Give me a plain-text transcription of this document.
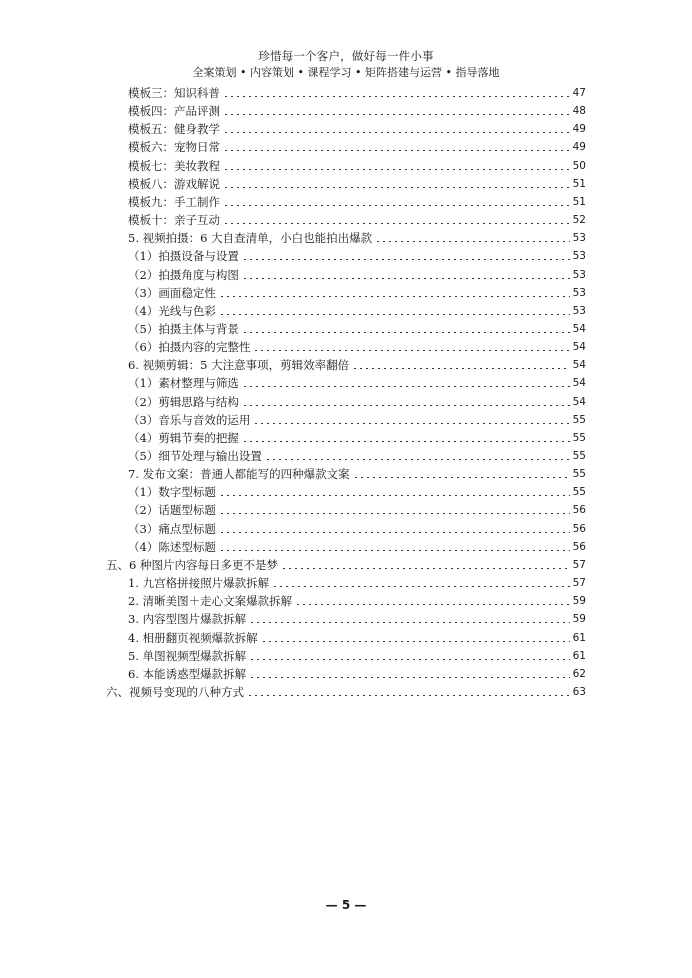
珍惜每一个客户，做好每一件小事
全案策划 • 内容策划 • 课程学习 • 矩阵搭建与运营 • 指导落地
模板三：知识科普	47
模板四：产品评测	48
模板五：健身教学	49
模板六：宠物日常	49
模板七：美妆教程	50
模板八：游戏解说	51
模板九：手工制作	51
模板十：亲子互动	52
5. 视频拍摄：6 大自查清单，小白也能拍出爆款	53
（1）拍摄设备与设置	53
（2）拍摄角度与构图	53
（3）画面稳定性	53
（4）光线与色彩	53
（5）拍摄主体与背景	54
（6）拍摄内容的完整性	54
6. 视频剪辑：5 大注意事项，剪辑效率翻倍	54
（1）素材整理与筛选	54
（2）剪辑思路与结构	54
（3）音乐与音效的运用	55
（4）剪辑节奏的把握	55
（5）细节处理与输出设置	55
7. 发布文案：普通人都能写的四种爆款文案	55
（1）数字型标题	55
（2）话题型标题	56
（3）痛点型标题	56
（4）陈述型标题	56
五、6 种图片内容每日多更不是梦	57
1. 九宫格拼接照片爆款拆解	57
2. 清晰美图＋走心文案爆款拆解	59
3. 内容型图片爆款拆解	59
4. 相册翻页视频爆款拆解	61
5. 单图视频型爆款拆解	61
6. 本能诱惑型爆款拆解	62
六、视频号变现的八种方式	63
— 5 —
